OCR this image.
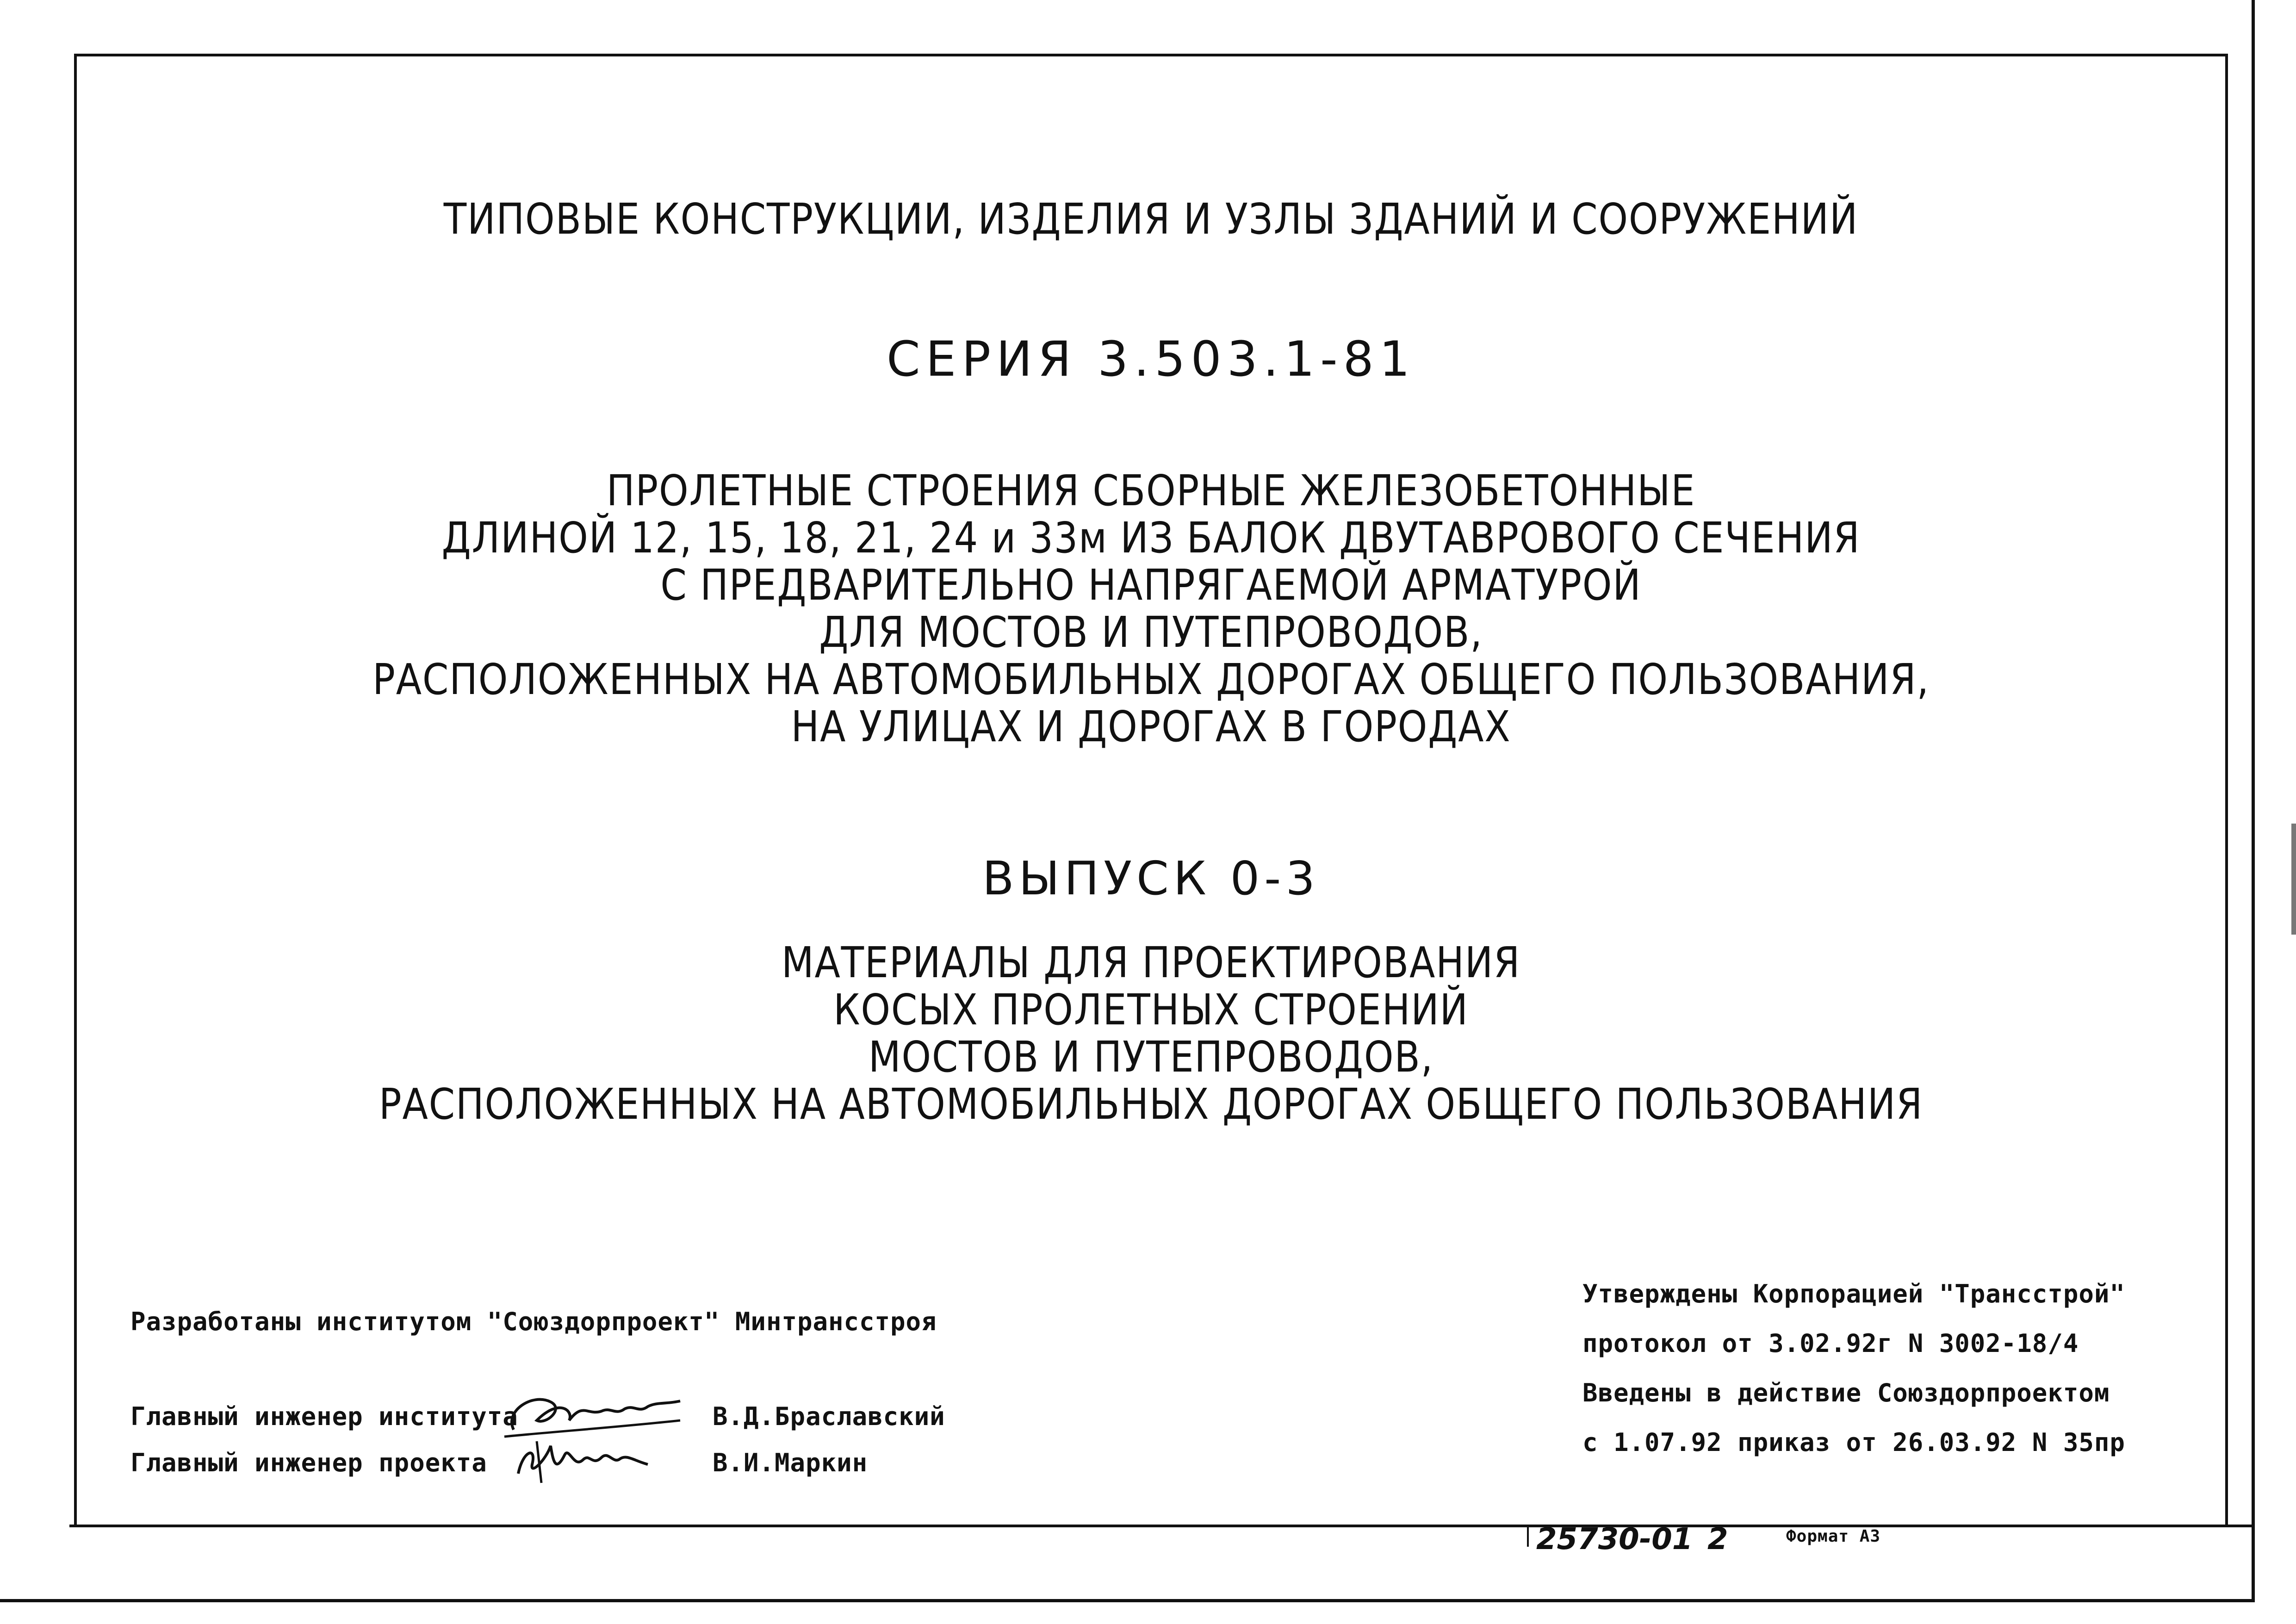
ТИПОВЫЕ КОНСТРУКЦИИ, ИЗДЕЛИЯ И УЗЛЫ ЗДАНИЙ И СООРУЖЕНИЙ
СЕРИЯ 3.503.1-81
ПРОЛЕТНЫЕ СТРОЕНИЯ СБОРНЫЕ ЖЕЛЕЗОБЕТОННЫЕ
ДЛИНОЙ 12, 15, 18, 21, 24 и 33м ИЗ БАЛОК ДВУТАВРОВОГО СЕЧЕНИЯ
С ПРЕДВАРИТЕЛЬНО НАПРЯГАЕМОЙ АРМАТУРОЙ
ДЛЯ МОСТОВ И ПУТЕПРОВОДОВ,
РАСПОЛОЖЕННЫХ НА АВТОМОБИЛЬНЫХ ДОРОГАХ ОБЩЕГО ПОЛЬЗОВАНИЯ,
НА УЛИЦАХ И ДОРОГАХ В ГОРОДАХ
ВЫПУСК 0-3
МАТЕРИАЛЫ ДЛЯ ПРОЕКТИРОВАНИЯ
КОСЫХ ПРОЛЕТНЫХ СТРОЕНИЙ
МОСТОВ И ПУТЕПРОВОДОВ,
РАСПОЛОЖЕННЫХ НА АВТОМОБИЛЬНЫХ ДОРОГАХ ОБЩЕГО ПОЛЬЗОВАНИЯ
Разработаны институтом "Союздорпроект" Минтрансстроя
Главный инженер института
Главный инженер проекта
В.Д.Браславский
В.И.Маркин
Утверждены Корпорацией "Трансстрой"
протокол от 3.02.92г N 3002-18/4
Введены в действие Союздорпроектом
с 1.07.92 приказ от 26.03.92 N 35пр
25730-01 2	Формат А3
